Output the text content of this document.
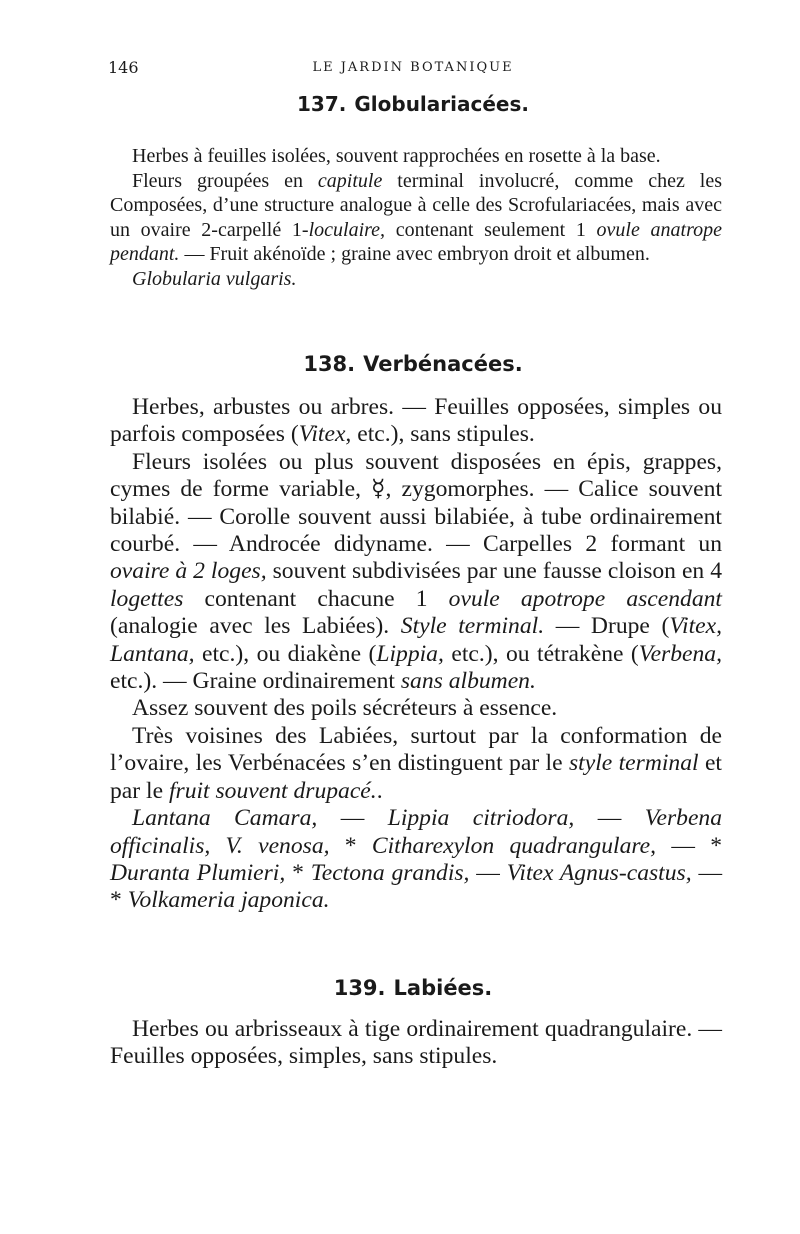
146	LE JARDIN BOTANIQUE
137. Globulariacées.

Herbes à feuilles isolées, souvent rapprochées en rosette à la base.

Fleurs groupées en capitule terminal involucré, comme chez les Composées, d’une structure analogue à celle des Scrofulariacées, mais avec un ovaire 2-carpellé 1-loculaire, contenant seulement 1 ovule anatrope pendant. — Fruit akénoïde ; graine avec embryon droit et albumen.

Globularia vulgaris.

138. Verbénacées.

Herbes, arbustes ou arbres. — Feuilles opposées, simples ou parfois composées (Vitex, etc.), sans stipules.

Fleurs isolées ou plus souvent disposées en épis, grappes, cymes de forme variable, ☿, zygomorphes. — Calice souvent bilabié. — Corolle souvent aussi bilabiée, à tube ordinairement courbé. — Androcée didyname. — Carpelles 2 formant un ovaire à 2 loges, souvent subdivisées par une fausse cloison en 4 logettes contenant chacune 1 ovule apotrope ascendant (analogie avec les Labiées). Style terminal. — Drupe (Vitex, Lantana, etc.), ou diakène (Lippia, etc.), ou tétrakène (Verbena, etc.). — Graine ordinairement sans albumen.

Assez souvent des poils sécréteurs à essence.

Très voisines des Labiées, surtout par la conformation de l’ovaire, les Verbénacées s’en distinguent par le style terminal et par le fruit souvent drupacé..

Lantana Camara, — Lippia citriodora, — Verbena officinalis, V. venosa, * Citharexylon quadrangulare, — * Duranta Plumieri, * Tectona grandis, — Vitex Agnus-castus, — * Volkameria japonica.

139. Labiées.

Herbes ou arbrisseaux à tige ordinairement quadrangulaire. — Feuilles opposées, simples, sans stipules.
